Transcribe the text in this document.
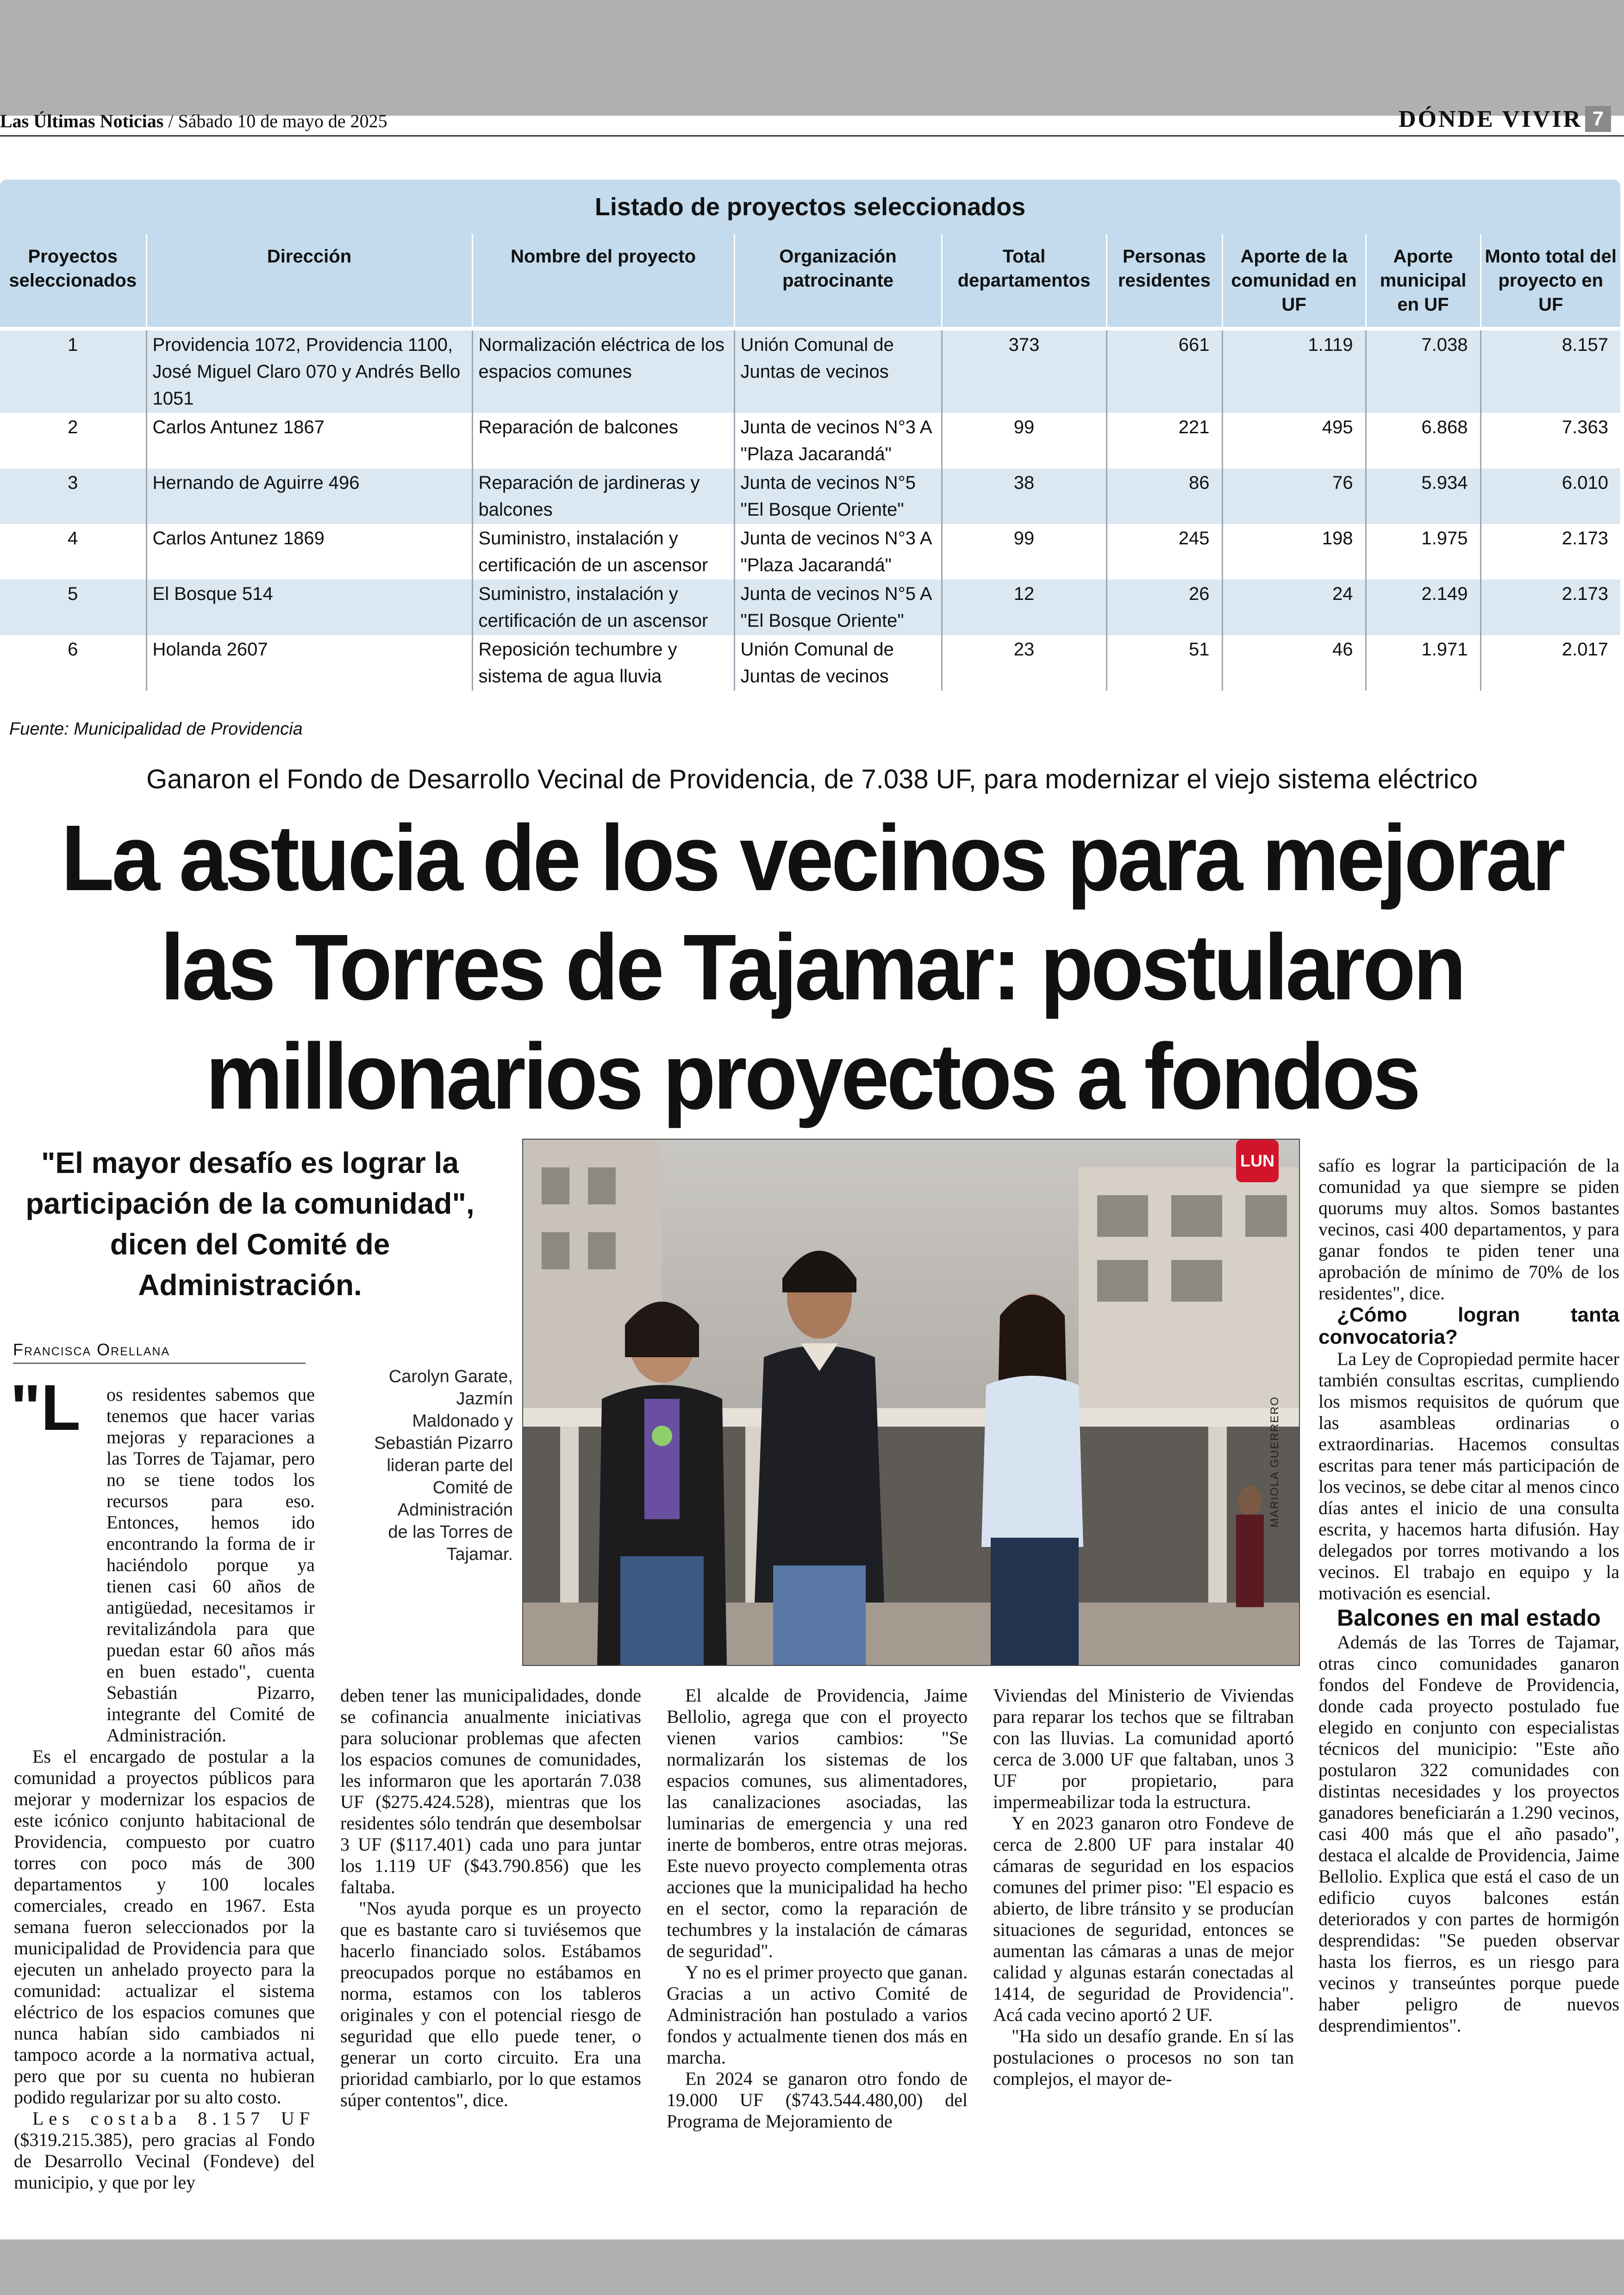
Las Últimas Noticias / Sábado 10 de mayo de 2025	DÓNDE VIVIR 7
Listado de proyectos seleccionados
Proyectos seleccionados	Dirección	Nombre del proyecto	Organización patrocinante	Total departamentos	Personas residentes	Aporte de la comunidad en UF	Aporte municipal en UF	Monto total del proyecto en UF
1	Providencia 1072, Providencia 1100, José Miguel Claro 070 y Andrés Bello 1051	Normalización eléctrica de los espacios comunes	Unión Comunal de Juntas de vecinos	373	661	1.119	7.038	8.157
2	Carlos Antunez 1867	Reparación de balcones	Junta de vecinos N°3 A "Plaza Jacarandá"	99	221	495	6.868	7.363
3	Hernando de Aguirre 496	Reparación de jardineras y balcones	Junta de vecinos N°5 "El Bosque Oriente"	38	86	76	5.934	6.010
4	Carlos Antunez 1869	Suministro, instalación y certificación de un ascensor	Junta de vecinos N°3 A "Plaza Jacarandá"	99	245	198	1.975	2.173
5	El Bosque 514	Suministro, instalación y certificación de un ascensor	Junta de vecinos N°5 A "El Bosque Oriente"	12	26	24	2.149	2.173
6	Holanda 2607	Reposición techumbre y sistema de agua lluvia	Unión Comunal de Juntas de vecinos	23	51	46	1.971	2.017
Fuente: Municipalidad de Providencia
Ganaron el Fondo de Desarrollo Vecinal de Providencia, de 7.038 UF, para modernizar el viejo sistema eléctrico
La astucia de los vecinos para mejorar
las Torres de Tajamar: postularon
millonarios proyectos a fondos
"El mayor desafío es lograr la participación de la comunidad", dicen del Comité de Administración.
Francisca Orellana
LUN
Carolyn Garate, Jazmín Maldonado y Sebastián Pizarro lideran parte del Comité de Administración de las Torres de Tajamar.
MARIOLA GUERRERO
"L	os residentes sabemos que tenemos que hacer varias mejoras y reparaciones a las Torres de Tajamar, pero no se tiene todos los recursos para eso. Entonces, hemos ido encontrando la forma de ir haciéndolo porque ya tienen casi 60 años de antigüedad, necesitamos ir revitalizándola para que puedan estar 60 años más en buen estado", cuenta Sebastián Pizarro, integrante del Comité de Administración.

Es el encargado de postular a la comunidad a proyectos públicos para mejorar y modernizar los espacios de este icónico conjunto habitacional de Providencia, compuesto por cuatro torres con poco más de 300 departamentos y 100 locales comerciales, creado en 1967. Esta semana fueron seleccionados por la municipalidad de Providencia para que ejecuten un anhelado proyecto para la comunidad: actualizar el sistema eléctrico de los espacios comunes que nunca habían sido cambiados ni tampoco acorde a la normativa actual, pero que por su cuenta no hubieran podido regularizar por su alto costo.

Les costaba 8.157 UF ($319.215.385), pero gracias al Fondo de Desarrollo Vecinal (Fondeve) del municipio, y que por ley

deben tener las municipalidades, donde se cofinancia anualmente iniciativas para solucionar problemas que afecten los espacios comunes de comunidades, les informaron que les aportarán 7.038 UF ($275.424.528), mientras que los residentes sólo tendrán que desembolsar 3 UF ($117.401) cada uno para juntar los 1.119 UF ($43.790.856) que les faltaba.

"Nos ayuda porque es un proyecto que es bastante caro si tuviésemos que hacerlo financiado solos. Estábamos preocupados porque no estábamos en norma, estamos con los tableros originales y con el potencial riesgo de seguridad que ello puede tener, o generar un corto circuito. Era una prioridad cambiarlo, por lo que estamos súper contentos", dice.

El alcalde de Providencia, Jaime Bellolio, agrega que con el proyecto vienen varios cambios: "Se normalizarán los sistemas de los espacios comunes, sus alimentadores, las canalizaciones asociadas, las luminarias de emergencia y una red inerte de bomberos, entre otras mejoras. Este nuevo proyecto complementa otras acciones que la municipalidad ha hecho en el sector, como la reparación de techumbres y la instalación de cámaras de seguridad".

Y no es el primer proyecto que ganan. Gracias a un activo Comité de Administración han postulado a varios fondos y actualmente tienen dos más en marcha.

En 2024 se ganaron otro fondo de 19.000 UF ($743.544.480,00) del Programa de Mejoramiento de

Viviendas del Ministerio de Viviendas para reparar los techos que se filtraban con las lluvias. La comunidad aportó cerca de 3.000 UF que faltaban, unos 3 UF por propietario, para impermeabilizar toda la estructura.

Y en 2023 ganaron otro Fondeve de cerca de 2.800 UF para instalar 40 cámaras de seguridad en los espacios comunes del primer piso: "El espacio es abierto, de libre tránsito y se producían situaciones de seguridad, entonces se aumentan las cámaras a unas de mejor calidad y algunas estarán conectadas al 1414, de seguridad de Providencia". Acá cada vecino aportó 2 UF.

"Ha sido un desafío grande. En sí las postulaciones o procesos no son tan complejos, el mayor de-

safío es lograr la participación de la comunidad ya que siempre se piden quorums muy altos. Somos bastantes vecinos, casi 400 departamentos, y para ganar fondos te piden tener una aprobación de mínimo de 70% de los residentes", dice.

¿Cómo logran tanta convocatoria?

La Ley de Copropiedad permite hacer también consultas escritas, cumpliendo los mismos requisitos de quórum que las asambleas ordinarias o extraordinarias. Hacemos consultas escritas para tener más participación de los vecinos, se debe citar al menos cinco días antes el inicio de una consulta escrita, y hacemos harta difusión. Hay delegados por torres motivando a los vecinos. El trabajo en equipo y la motivación es esencial.

Balcones en mal estado

Además de las Torres de Tajamar, otras cinco comunidades ganaron fondos del Fondeve de Providencia, donde cada proyecto postulado fue elegido en conjunto con especialistas técnicos del municipio: "Este año postularon 322 comunidades con distintas necesidades y los proyectos ganadores beneficiarán a 1.290 vecinos, casi 400 más que el año pasado", destaca el alcalde de Providencia, Jaime Bellolio. Explica que está el caso de un edificio cuyos balcones están deteriorados y con partes de hormigón desprendidas: "Se pueden observar hasta los fierros, es un riesgo para vecinos y transeúntes porque puede haber peligro de nuevos desprendimientos".
